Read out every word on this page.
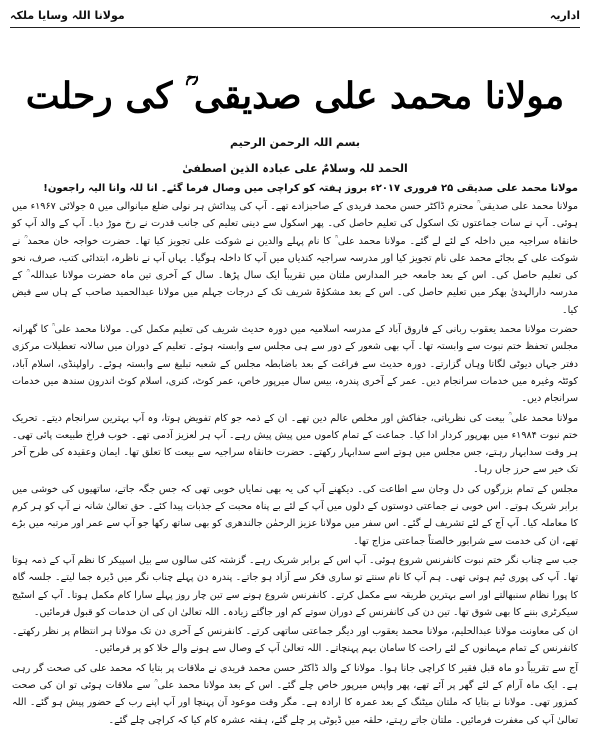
اداریہ
مولانا اللہ وسایا ملکہ
مولانا محمد علی صدیقی ؒ کی رحلت
بسم اللہ الرحمن الرحیم
الحمد للہ وسلامٌ علی عبادہ الذین اصطفیٰ
مولانا محمد علی صدیقی ۲۵ فروری ۲۰۱۷ء بروز ہفتہ کو کراچی میں وصال فرما گئے۔ انا للہ وانا الیہ راجعون!

مولانا محمد علی صدیقی ؒ محترم ڈاکٹر حسن محمد فریدی کے صاحبزادے تھے۔ آپ کی پیدائش ہر نولی ضلع میانوالی میں ۵ جولائی ۱۹۶۷ء میں ہوئی۔ آپ نے سات جماعتوں تک اسکول کی تعلیم حاصل کی۔ پھر اسکول سے دینی تعلیم کی جانب قدرت نے رخ موڑ دیا۔ آپ کے والد آپ کو خانقاہ سراجیہ میں داخلہ کے لئے لے گئے۔ مولانا محمد علی ؒ کا نام پہلے والدین نے شوکت علی تجویز کیا تھا۔ حضرت خواجہ خان محمد ؒ نے شوکت علی کے بجائے محمد علی نام تجویز کیا اور مدرسہ سراجیہ کندیاں میں آپ کا داخلہ ہوگیا۔ یہاں آپ نے ناظرہ، ابتدائی کتب، صرف، نحو کی تعلیم حاصل کی۔ اس کے بعد جامعہ خیر المدارس ملتان میں تقریباً ایک سال پڑھا۔ سال کے آخری تین ماہ حضرت مولانا عبداللہ ؒ کے مدرسہ دارالہدیٰ بھکر میں تعلیم حاصل کی۔ اس کے بعد مشکوٰۃ شریف تک کے درجات جہلم میں مولانا عبدالحمید صاحب کے ہاں سے فیض کیا۔

حضرت مولانا محمد یعقوب ربانی کے فاروق آباد کے مدرسہ اسلامیہ میں دورہ حدیث شریف کی تعلیم مکمل کی۔ مولانا محمد علی ؒ کا گھرانہ مجلس تحفظ ختم نبوت سے وابستہ تھا۔ آپ بھی شعور کے دور سے ہی مجلس سے وابستہ ہوئے۔ تعلیم کے دوران میں سالانہ تعطیلات مرکزی دفتر جہاں دیوٹی لگاتا وہاں گزارتے۔ دورہ حدیث سے فراغت کے بعد باضابطہ مجلس کے شعبہ تبلیغ سے وابستہ ہوئے۔ راولپنڈی، اسلام آباد، کوئٹہ وغیرہ میں خدمات سرانجام دیں۔ عمر کے آخری پندرہ، بیس سال میرپور خاص، عمر کوٹ، کنری، اسلام کوٹ اندرون سندھ میں خدمات سرانجام دیں۔

مولانا محمد علی ؒ بیعت کی نظریاتی، جفاکش اور مخلص عالم دین تھے۔ ان کے ذمہ جو کام تفویض ہوتا، وہ آپ بہترین سرانجام دیتے۔ تحریک ختم نبوت ۱۹۸۴ء میں بھرپور کردار ادا کیا۔ جماعت کے تمام کاموں میں پیش پیش رہے۔ آپ ہر لعزیز آدمی تھے۔ خوب فراخ طبیعت پائی تھی۔ ہر وقت سدابہار رہتے، جس مجلس میں ہوتے اسے سدابہار رکھتے۔ حضرت خانقاہ سراجیہ سے بیعت کا تعلق تھا۔ ایمان وعقیدہ کی طرح آخر تک خیر سے حرز جاں رہا۔

مجلس کے تمام بزرگوں کی دل وجان سے اطاعت کی۔ دیکھنے آپ کی یہ بھی نمایاں خوبی تھی کہ جس جگہ جاتے، ساتھیوں کی خوشی میں برابر شریک ہوتے۔ اس خوبی نے جماعتی دوستوں کے دلوں میں آپ کے لئے بے پناہ محبت کے جذبات پیدا کئے۔ حق تعالیٰ شانہ نے آپ کو ہر کرم کا معاملہ کیا۔ آپ آج کے لئے تشریف لے گئے۔ اس سفر میں مولانا عزیز الرحمٰن جالندھری کو بھی ساتھ رکھا جو آپ سے عمر اور مرتبہ میں بڑے تھے، ان کی خدمت سے شرابور خالصتاً جماعتی مزاج تھا۔

جب سے چناب نگر ختم نبوت کانفرنس شروع ہوئی۔ آپ اس کے برابر شریک رہے۔ گزشتہ کئی سالوں سے بیل اسپیکر کا نظم آپ کے ذمہ ہوتا تھا۔ آپ کی پوری ٹیم ہوتی تھی۔ ہم آپ کا نام سنتے تو ساری فکر سے آزاد ہو جاتے۔ پندرہ دن پہلے چناب نگر میں ڈیرہ جما لیتے۔ جلسہ گاہ کا پورا نظام سنبھالتے اور اسے بہترین طریقہ سے مکمل کرتے۔ کانفرنس شروع ہونے سے تین چار روز پہلے سارا کام مکمل ہوتا۔ آپ کے اسٹیج سیکرٹری بننے کا بھی شوق تھا۔ تین دن کی کانفرنس کے دوران سوتے کم اور جاگتے زیادہ۔ اللہ تعالیٰ ان کی ان خدمات کو قبول فرمائیں۔

ان کی معاونت مولانا عبدالحلیم، مولانا محمد یعقوب اور دیگر جماعتی ساتھی کرتے۔ کانفرنس کے آخری دن تک مولانا ہر انتظام پر نظر رکھتے۔ کانفرنس کے تمام مہمانوں کے لئے راحت کا سامان بہم پہنچاتے۔ اللہ تعالیٰ آپ کے وصال سے ہونے والے خلا کو پر فرمائیں۔

آج سے تقریباً دو ماہ قبل فقیر کا کراچی جانا ہوا۔ مولانا کے والد ڈاکٹر حسن محمد فریدی نے ملاقات پر بتایا کہ محمد علی کی صحت گر رہی ہے۔ ایک ماہ آرام کے لئے گھر پر آئے تھے، پھر واپس میرپور خاص چلے گئے۔ اس کے بعد مولانا محمد علی ؒ سے ملاقات ہوئی تو ان کی صحت کمزور تھی۔ مولانا نے بتایا کہ ملتان میٹنگ کے بعد عمرہ کا ارادہ ہے۔ مگر وقت موعود آن پہنچا اور آپ اپنے رب کے حضور پیش ہو گئے۔ اللہ تعالیٰ آپ کی مغفرت فرمائیں۔ ملتان جاتے رہتے، حلقہ میں ڈیوٹی پر چلے گئے، ہفتہ عشرہ کام کیا کہ کراچی چلے گئے۔
